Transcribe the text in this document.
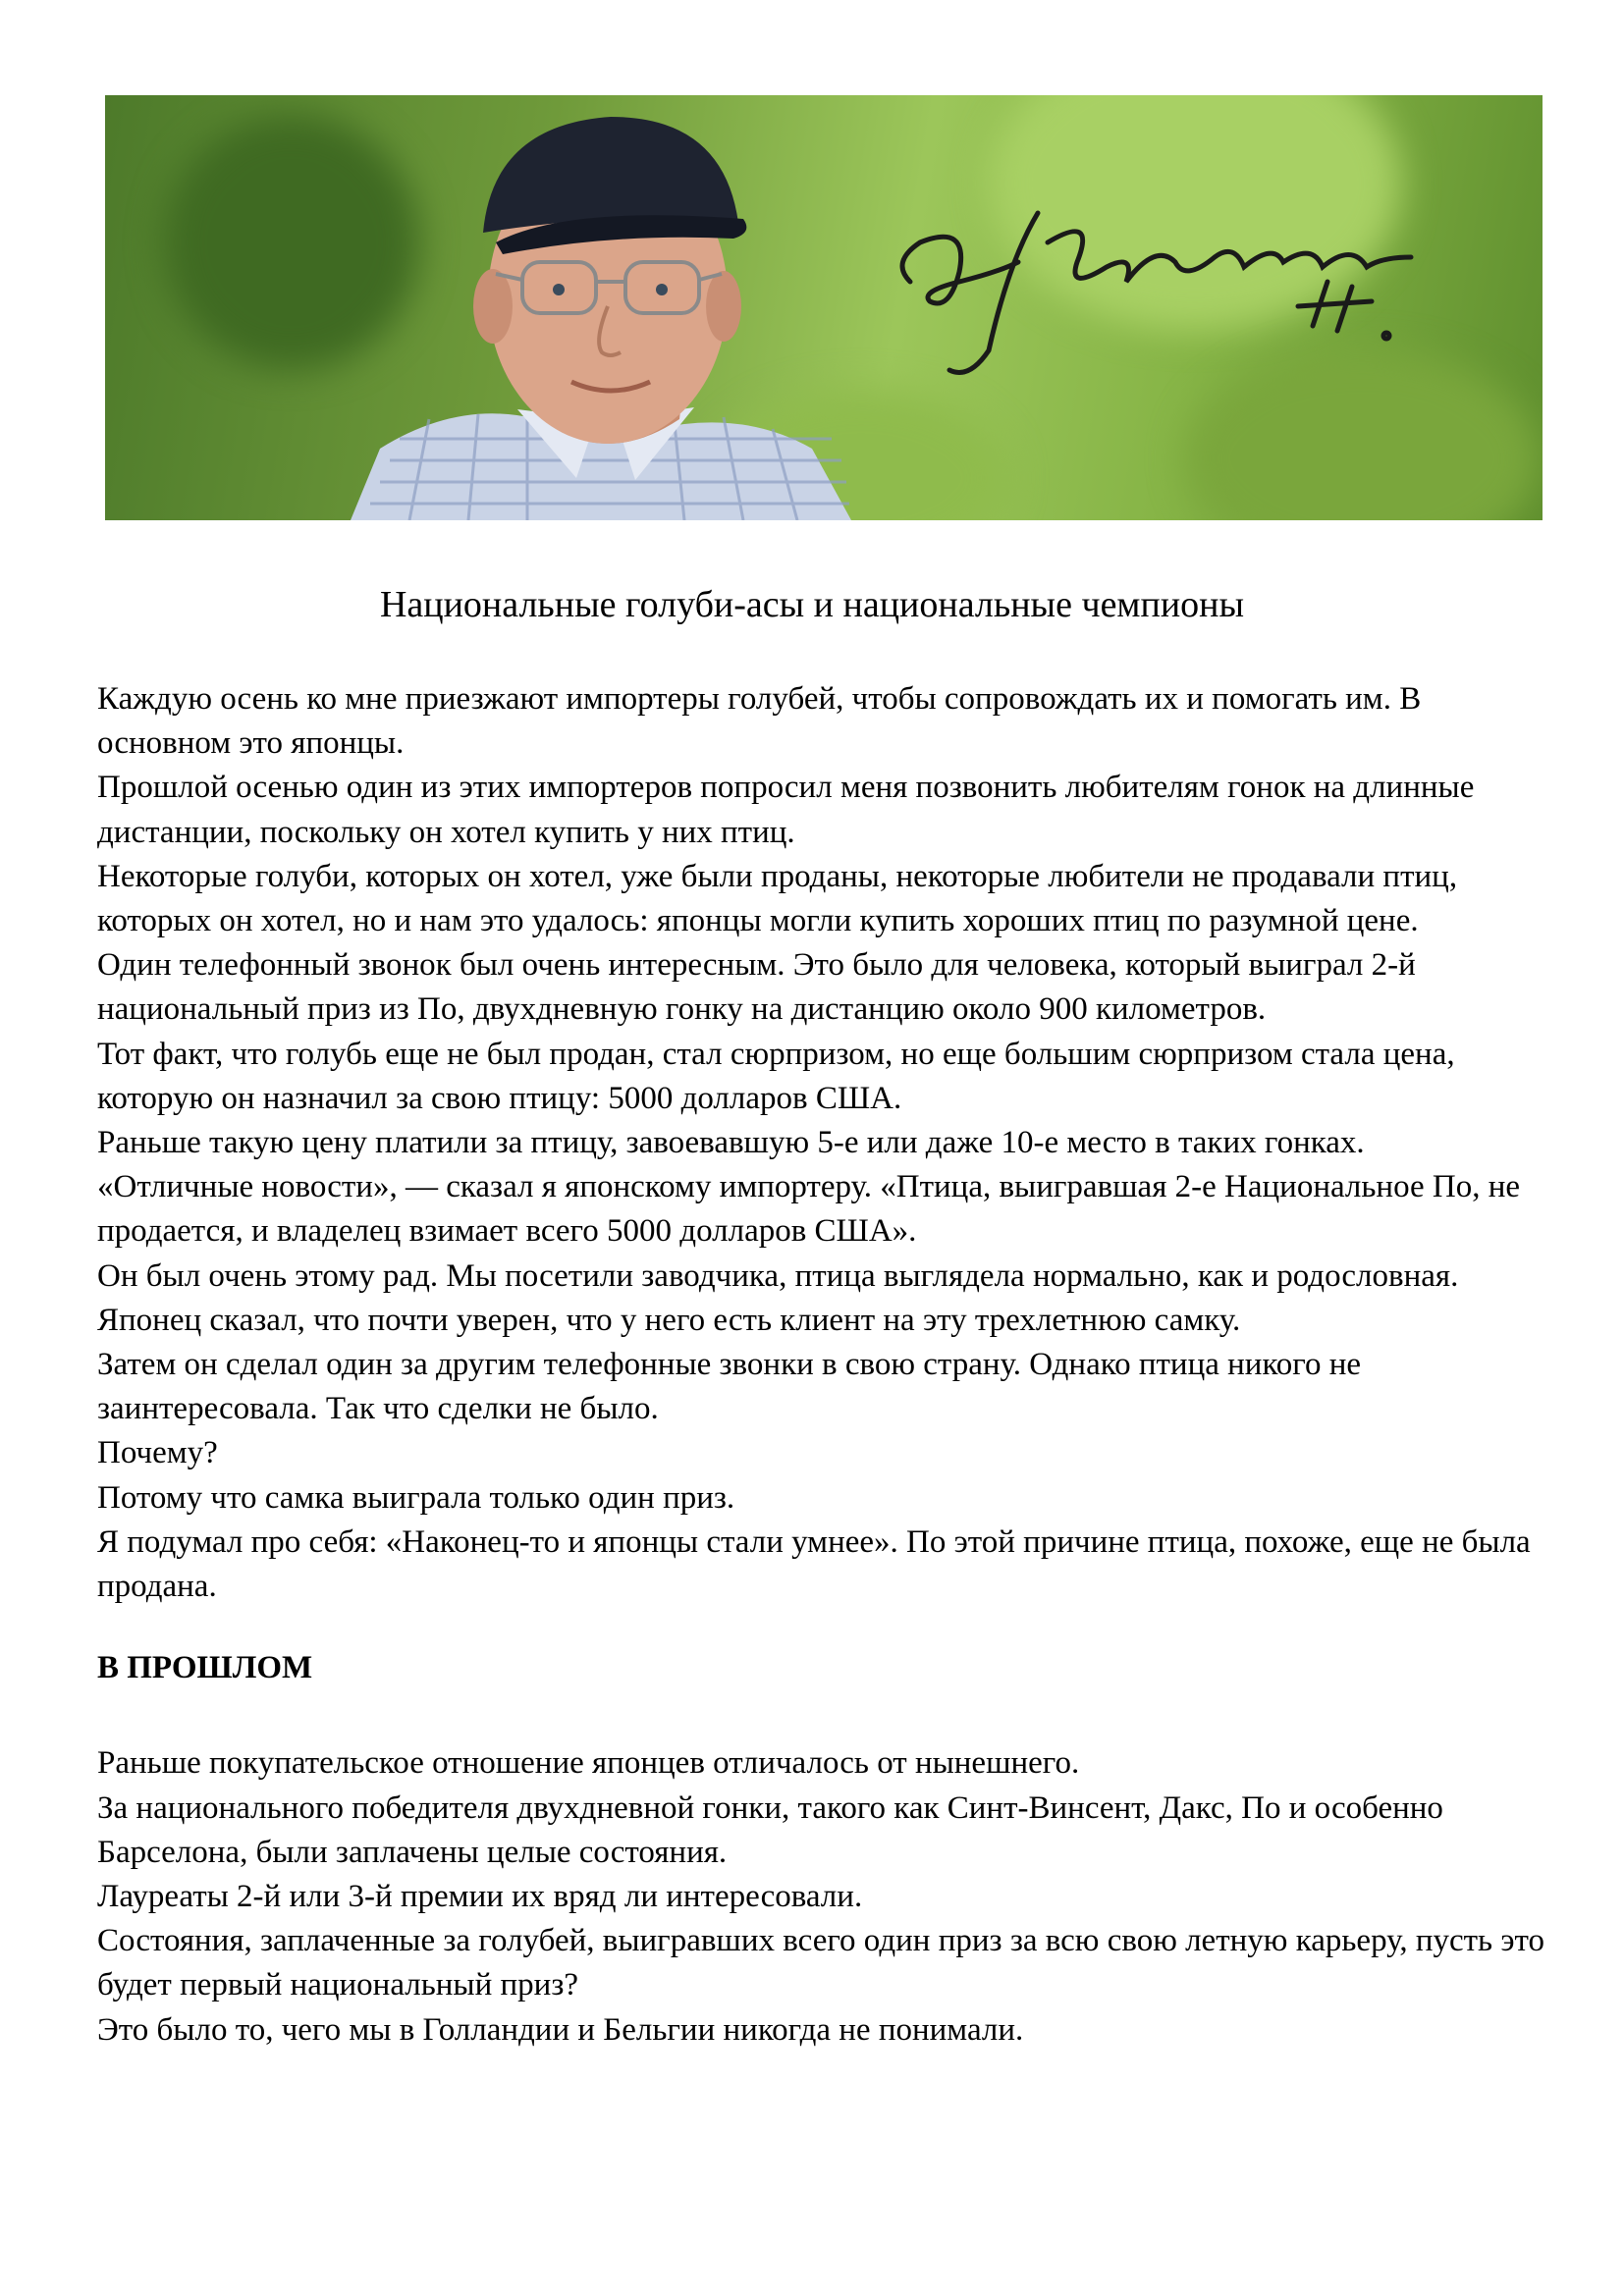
Национальные голуби-асы и национальные чемпионы

Каждую осень ко мне приезжают импортеры голубей, чтобы сопровождать их и помогать им. В основном это японцы.

Прошлой осенью один из этих импортеров попросил меня позвонить любителям гонок на длинные дистанции, поскольку он хотел купить у них птиц.

Некоторые голуби, которых он хотел, уже были проданы, некоторые любители не продавали птиц, которых он хотел, но и нам это удалось: японцы могли купить хороших птиц по разумной цене.

Один телефонный звонок был очень интересным. Это было для человека, который выиграл 2-й национальный приз из По, двухдневную гонку на дистанцию около 900 километров.

Тот факт, что голубь еще не был продан, стал сюрпризом, но еще большим сюрпризом стала цена, которую он назначил за свою птицу: 5000 долларов США.

Раньше такую цену платили за птицу, завоевавшую 5-е или даже 10-е место в таких гонках.

«Отличные новости», — сказал я японскому импортеру. «Птица, выигравшая 2-е Национальное По, не продается, и владелец взимает всего 5000 долларов США».

Он был очень этому рад. Мы посетили заводчика, птица выглядела нормально, как и родословная. Японец сказал, что почти уверен, что у него есть клиент на эту трехлетнюю самку.

Затем он сделал один за другим телефонные звонки в свою страну. Однако птица никого не заинтересовала. Так что сделки не было.

Почему?

Потому что самка выиграла только один приз.

Я подумал про себя: «Наконец-то и японцы стали умнее». По этой причине птица, похоже, еще не была продана.

В ПРОШЛОМ

Раньше покупательское отношение японцев отличалось от нынешнего.

За национального победителя двухдневной гонки, такого как Синт-Винсент, Дакс, По и особенно Барселона, были заплачены целые состояния.

Лауреаты 2-й или 3-й премии их вряд ли интересовали.

Состояния, заплаченные за голубей, выигравших всего один приз за всю свою летную карьеру, пусть это будет первый национальный приз?

Это было то, чего мы в Голландии и Бельгии никогда не понимали.
